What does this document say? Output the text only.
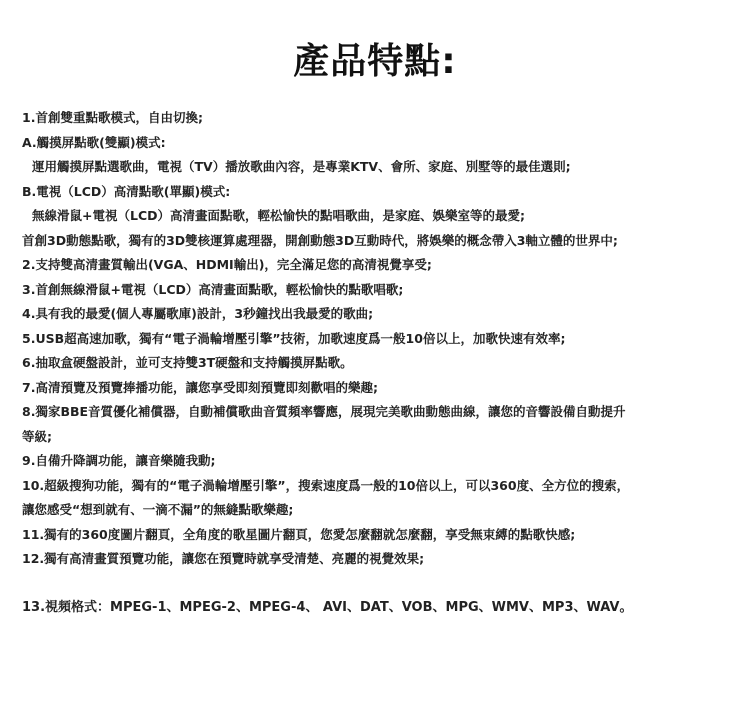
產品特點:
1.首創雙重點歌模式，自由切換;
A.觸摸屏點歌(雙顯)模式:
運用觸摸屏點選歌曲，電視（TV）播放歌曲內容，是專業KTV、會所、家庭、別墅等的最佳選則;
B.電視（LCD）高清點歌(單顯)模式:
無線滑鼠+電視（LCD）高清畫面點歌，輕松愉快的點唱歌曲，是家庭、娛樂室等的最愛;
首創3D動態點歌，獨有的3D雙核運算處理器，開創動態3D互動時代，將娛樂的概念帶入3軸立體的世界中;
2.支持雙高清畫質輸出(VGA、HDMI輸出)，完全滿足您的高清視覺享受;
3.首創無線滑鼠+電視（LCD）高清畫面點歌，輕松愉快的點歌唱歌;
4.具有我的最愛(個人專屬歌庫)設計，3秒鐘找出我最愛的歌曲;
5.USB超高速加歌，獨有“電子渦輪增壓引擎”技術，加歌速度爲一般10倍以上，加歌快速有效率;
6.抽取盒硬盤設計，並可支持雙3T硬盤和支持觸摸屏點歌。
7.高清預覽及預覽捧播功能，讓您享受即刻預覽即刻歡唱的樂趣;
8.獨家BBE音質優化補償器，自動補償歌曲音質頻率響應，展現完美歌曲動態曲線，讓您的音響設備自動提升
等級;
9.自備升降調功能，讓音樂隨我動;
10.超級搜狗功能，獨有的“電子渦輪增壓引擎”，搜索速度爲一般的10倍以上，可以360度、全方位的搜索，
讓您感受“想到就有、一滴不漏”的無縫點歌樂趣;
11.獨有的360度圖片翻頁，全角度的歌星圖片翻頁，您愛怎麼翻就怎麼翻，享受無束縛的點歌快感;
12.獨有高清畫質預覽功能，讓您在預覽時就享受清楚、亮麗的視覺效果;
13.視頻格式：MPEG-1、MPEG-2、MPEG-4、 AVI、DAT、VOB、MPG、WMV、MP3、WAV。
